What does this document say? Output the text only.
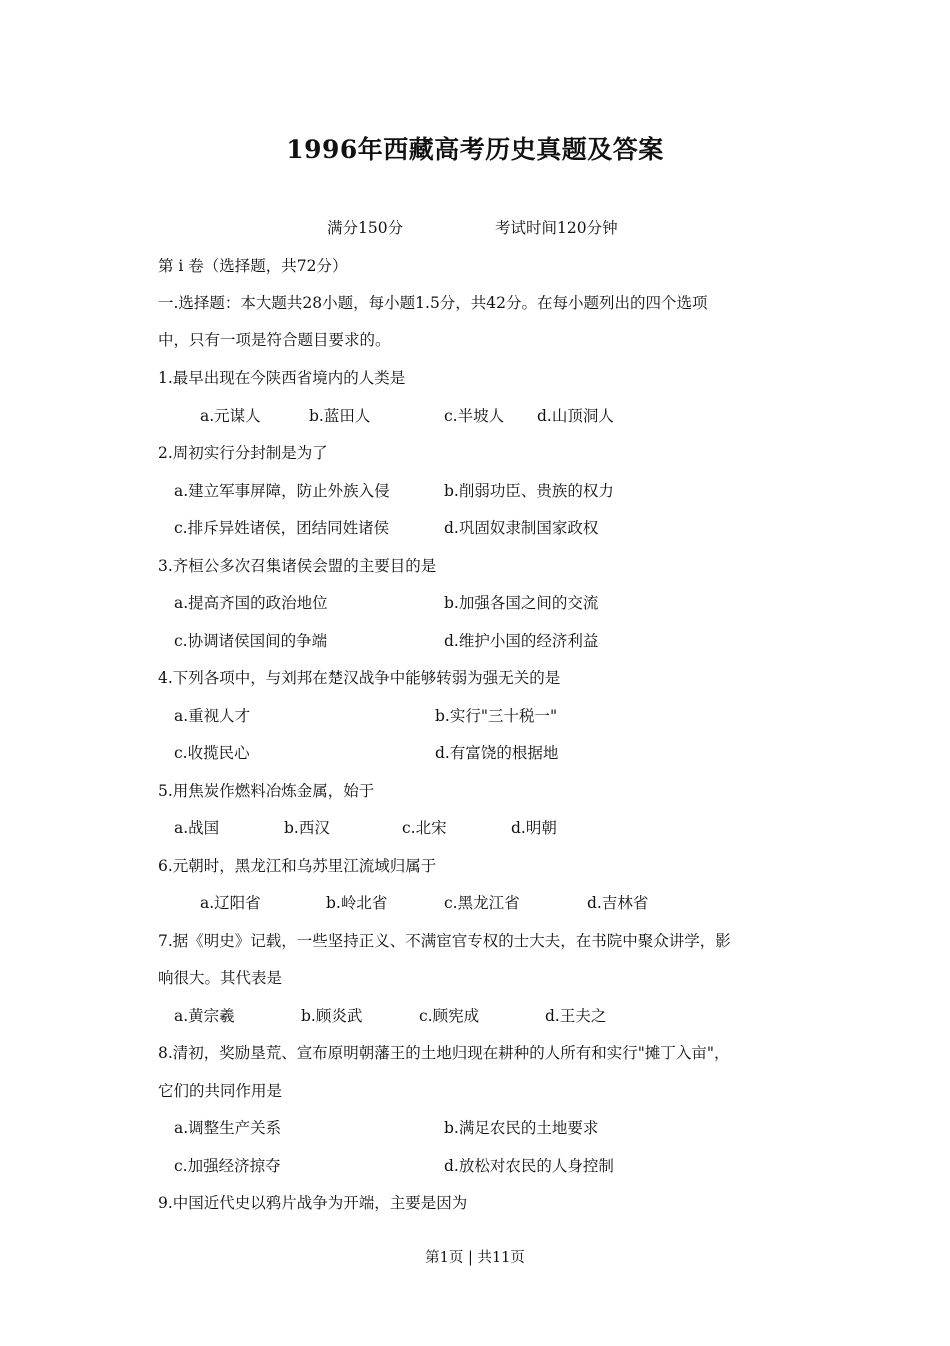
1996年西藏高考历史真题及答案
满分150分	考试时间120分钟
第 i 卷（选择题，共72分）
一.选择题：本大题共28小题，每小题1.5分，共42分。在每小题列出的四个选项
中，只有一项是符合题目要求的。
1.最早出现在今陕西省境内的人类是
a.元谋人	b.蓝田人	c.半坡人 d.山顶洞人
2.周初实行分封制是为了
a.建立军事屏障，防止外族入侵	b.削弱功臣、贵族的权力
c.排斥异姓诸侯，团结同姓诸侯	d.巩固奴隶制国家政权
3.齐桓公多次召集诸侯会盟的主要目的是
a.提高齐国的政治地位	b.加强各国之间的交流
c.协调诸侯国间的争端	d.维护小国的经济利益
4.下列各项中，与刘邦在楚汉战争中能够转弱为强无关的是
a.重视人才	b.实行"三十税一"
c.收揽民心	d.有富饶的根据地
5.用焦炭作燃料冶炼金属，始于
a.战国	b.西汉	c.北宋	d.明朝
6.元朝时，黑龙江和乌苏里江流域归属于
a.辽阳省	b.岭北省	c.黑龙江省	d.吉林省
7.据《明史》记载，一些坚持正义、不满宦官专权的士大夫，在书院中聚众讲学，影
响很大。其代表是
a.黄宗羲	b.顾炎武	c.顾宪成	d.王夫之
8.清初，奖励垦荒、宣布原明朝藩王的土地归现在耕种的人所有和实行"摊丁入亩"，
它们的共同作用是
a.调整生产关系	b.满足农民的土地要求
c.加强经济掠夺	d.放松对农民的人身控制
9.中国近代史以鸦片战争为开端，主要是因为
第1页 | 共11页
